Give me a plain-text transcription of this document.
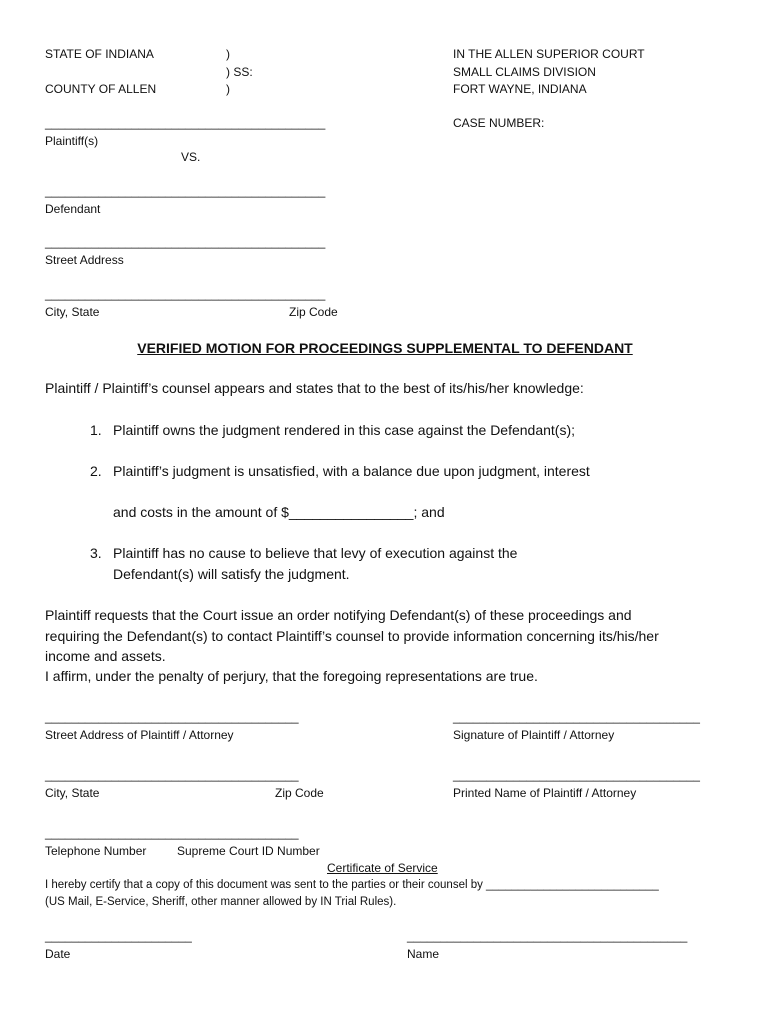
STATE OF INDIANA	)
) SS:
COUNTY OF ALLEN	)
IN THE ALLEN SUPERIOR COURT
SMALL CLAIMS DIVISION
FORT WAYNE, INDIANA
CASE NUMBER:
__________________________________________
Plaintiff(s)
VS.
__________________________________________
Defendant
__________________________________________
Street Address
__________________________________________
City, State	Zip Code
VERIFIED MOTION FOR PROCEEDINGS SUPPLEMENTAL TO DEFENDANT
Plaintiff / Plaintiff’s counsel appears and states that to the best of its/his/her knowledge:
1. Plaintiff owns the judgment rendered in this case against the Defendant(s);
2. Plaintiff’s judgment is unsatisfied, with a balance due upon judgment, interest
and costs in the amount of $________________; and
3. Plaintiff has no cause to believe that levy of execution against the
Defendant(s) will satisfy the judgment.
Plaintiff requests that the Court issue an order notifying Defendant(s) of these proceedings and
requiring the Defendant(s) to contact Plaintiff’s counsel to provide information concerning its/his/her
income and assets.
I affirm, under the penalty of perjury, that the foregoing representations are true.
______________________________________	_____________________________________
Street Address of Plaintiff / Attorney	Signature of Plaintiff / Attorney
______________________________________	_____________________________________
City, State	Zip Code	Printed Name of Plaintiff / Attorney
______________________________________
Telephone Number	Supreme Court ID Number
Certificate of Service
I hereby certify that a copy of this document was sent to the parties or their counsel by ___________________________
(US Mail, E-Service, Sheriff, other manner allowed by IN Trial Rules).
______________________	__________________________________________
Date	Name
